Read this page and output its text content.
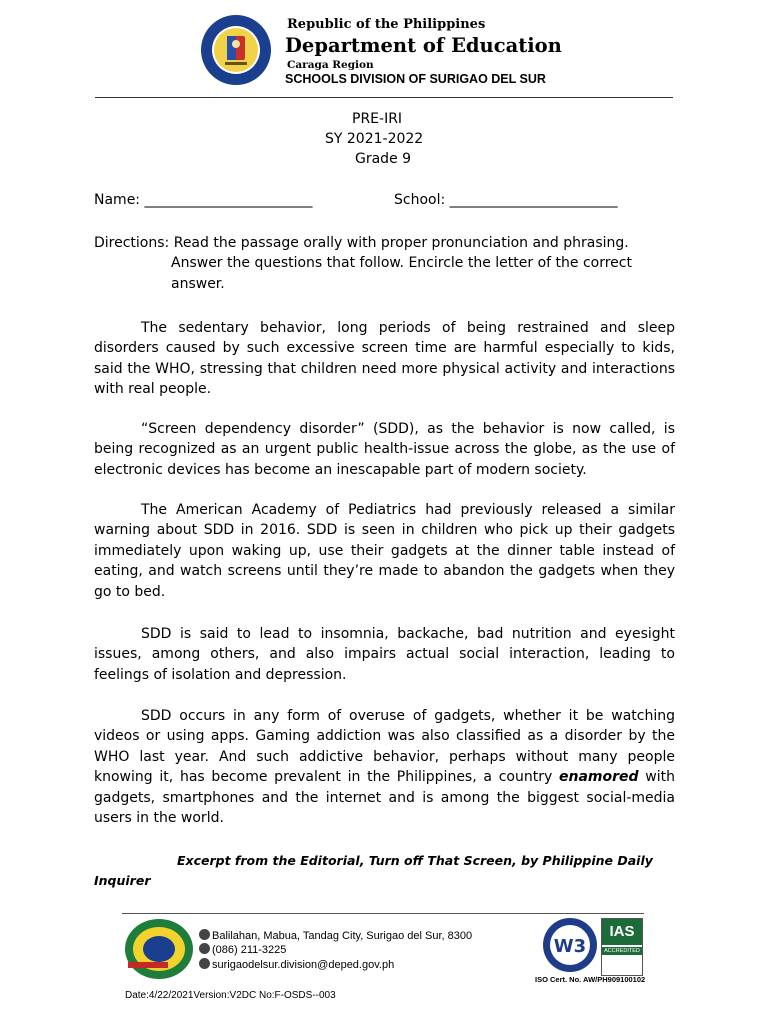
Republic of the Philippines
Department of Education
Caraga Region
SCHOOLS DIVISION OF SURIGAO DEL SUR
PRE-IRI
SY 2021-2022
Grade 9
Name: ________________________	School: ________________________
Directions: Read the passage orally with proper pronunciation and phrasing.
Answer the questions that follow. Encircle the letter of the correct
answer.

The sedentary behavior, long periods of being restrained and sleep disorders caused by such excessive screen time are harmful especially to kids, said the WHO, stressing that children need more physical activity and interactions with real people.

“Screen dependency disorder” (SDD), as the behavior is now called, is being recognized as an urgent public health-issue across the globe, as the use of electronic devices has become an inescapable part of modern society.

The American Academy of Pediatrics had previously released a similar warning about SDD in 2016. SDD is seen in children who pick up their gadgets immediately upon waking up, use their gadgets at the dinner table instead of eating, and watch screens until they’re made to abandon the gadgets when they go to bed.

SDD is said to lead to insomnia, backache, bad nutrition and eyesight issues, among others, and also impairs actual social interaction, leading to feelings of isolation and depression.

SDD occurs in any form of overuse of gadgets, whether it be watching videos or using apps. Gaming addiction was also classified as a disorder by the WHO last year. And such addictive behavior, perhaps without many people knowing it, has become prevalent in the Philippines, a country enamored with gadgets, smartphones and the internet and is among the biggest social-media users in the world.

Excerpt from the Editorial, Turn off That Screen, by Philippine Daily
Inquirer
Balilahan, Mabua, Tandag City, Surigao del Sur, 8300
(086) 211-3225
surigaodelsur.division@deped.gov.ph
W3
IAS
ACCREDITED
ISO Cert. No. AW/PH909100102
Date:4/22/2021Version:V2DC No:F-OSDS--003
